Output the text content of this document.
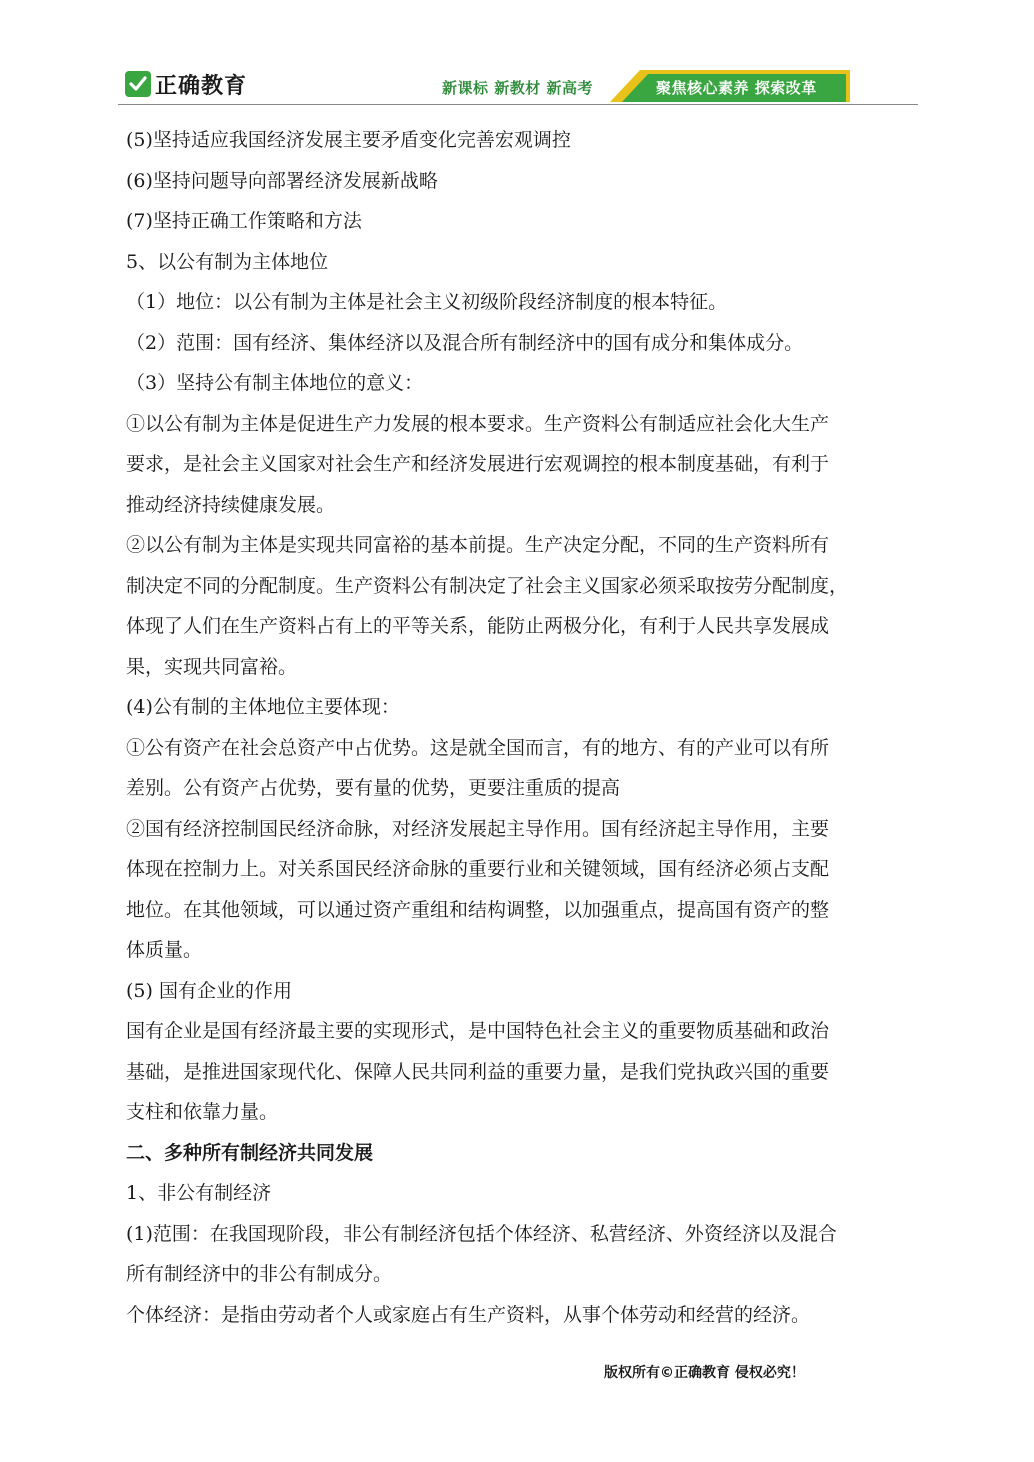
正确教育	新课标 新教材 新高考	聚焦核心素养 探索改革
(5)坚持适应我国经济发展主要矛盾变化完善宏观调控
(6)坚持问题导向部署经济发展新战略
(7)坚持正确工作策略和方法
5、以公有制为主体地位
（1）地位：以公有制为主体是社会主义初级阶段经济制度的根本特征。
（2）范围：国有经济、集体经济以及混合所有制经济中的国有成分和集体成分。
（3）坚持公有制主体地位的意义：
①以公有制为主体是促进生产力发展的根本要求。生产资料公有制适应社会化大生产
要求，是社会主义国家对社会生产和经济发展进行宏观调控的根本制度基础，有利于
推动经济持续健康发展。
②以公有制为主体是实现共同富裕的基本前提。生产决定分配，不同的生产资料所有
制决定不同的分配制度。生产资料公有制决定了社会主义国家必须采取按劳分配制度，
体现了人们在生产资料占有上的平等关系，能防止两极分化，有利于人民共享发展成
果，实现共同富裕。
(4)公有制的主体地位主要体现：
①公有资产在社会总资产中占优势。这是就全国而言，有的地方、有的产业可以有所
差别。公有资产占优势，要有量的优势，更要注重质的提高
②国有经济控制国民经济命脉，对经济发展起主导作用。国有经济起主导作用，主要
体现在控制力上。对关系国民经济命脉的重要行业和关键领域，国有经济必须占支配
地位。在其他领域，可以通过资产重组和结构调整，以加强重点，提高国有资产的整
体质量。
(5) 国有企业的作用
国有企业是国有经济最主要的实现形式，是中国特色社会主义的重要物质基础和政治
基础，是推进国家现代化、保障人民共同利益的重要力量，是我们党执政兴国的重要
支柱和依靠力量。
二、多种所有制经济共同发展
1、非公有制经济
(1)范围：在我国现阶段，非公有制经济包括个体经济、私营经济、外资经济以及混合
所有制经济中的非公有制成分。
个体经济：是指由劳动者个人或家庭占有生产资料，从事个体劳动和经营的经济。
版权所有©正确教育 侵权必究！
